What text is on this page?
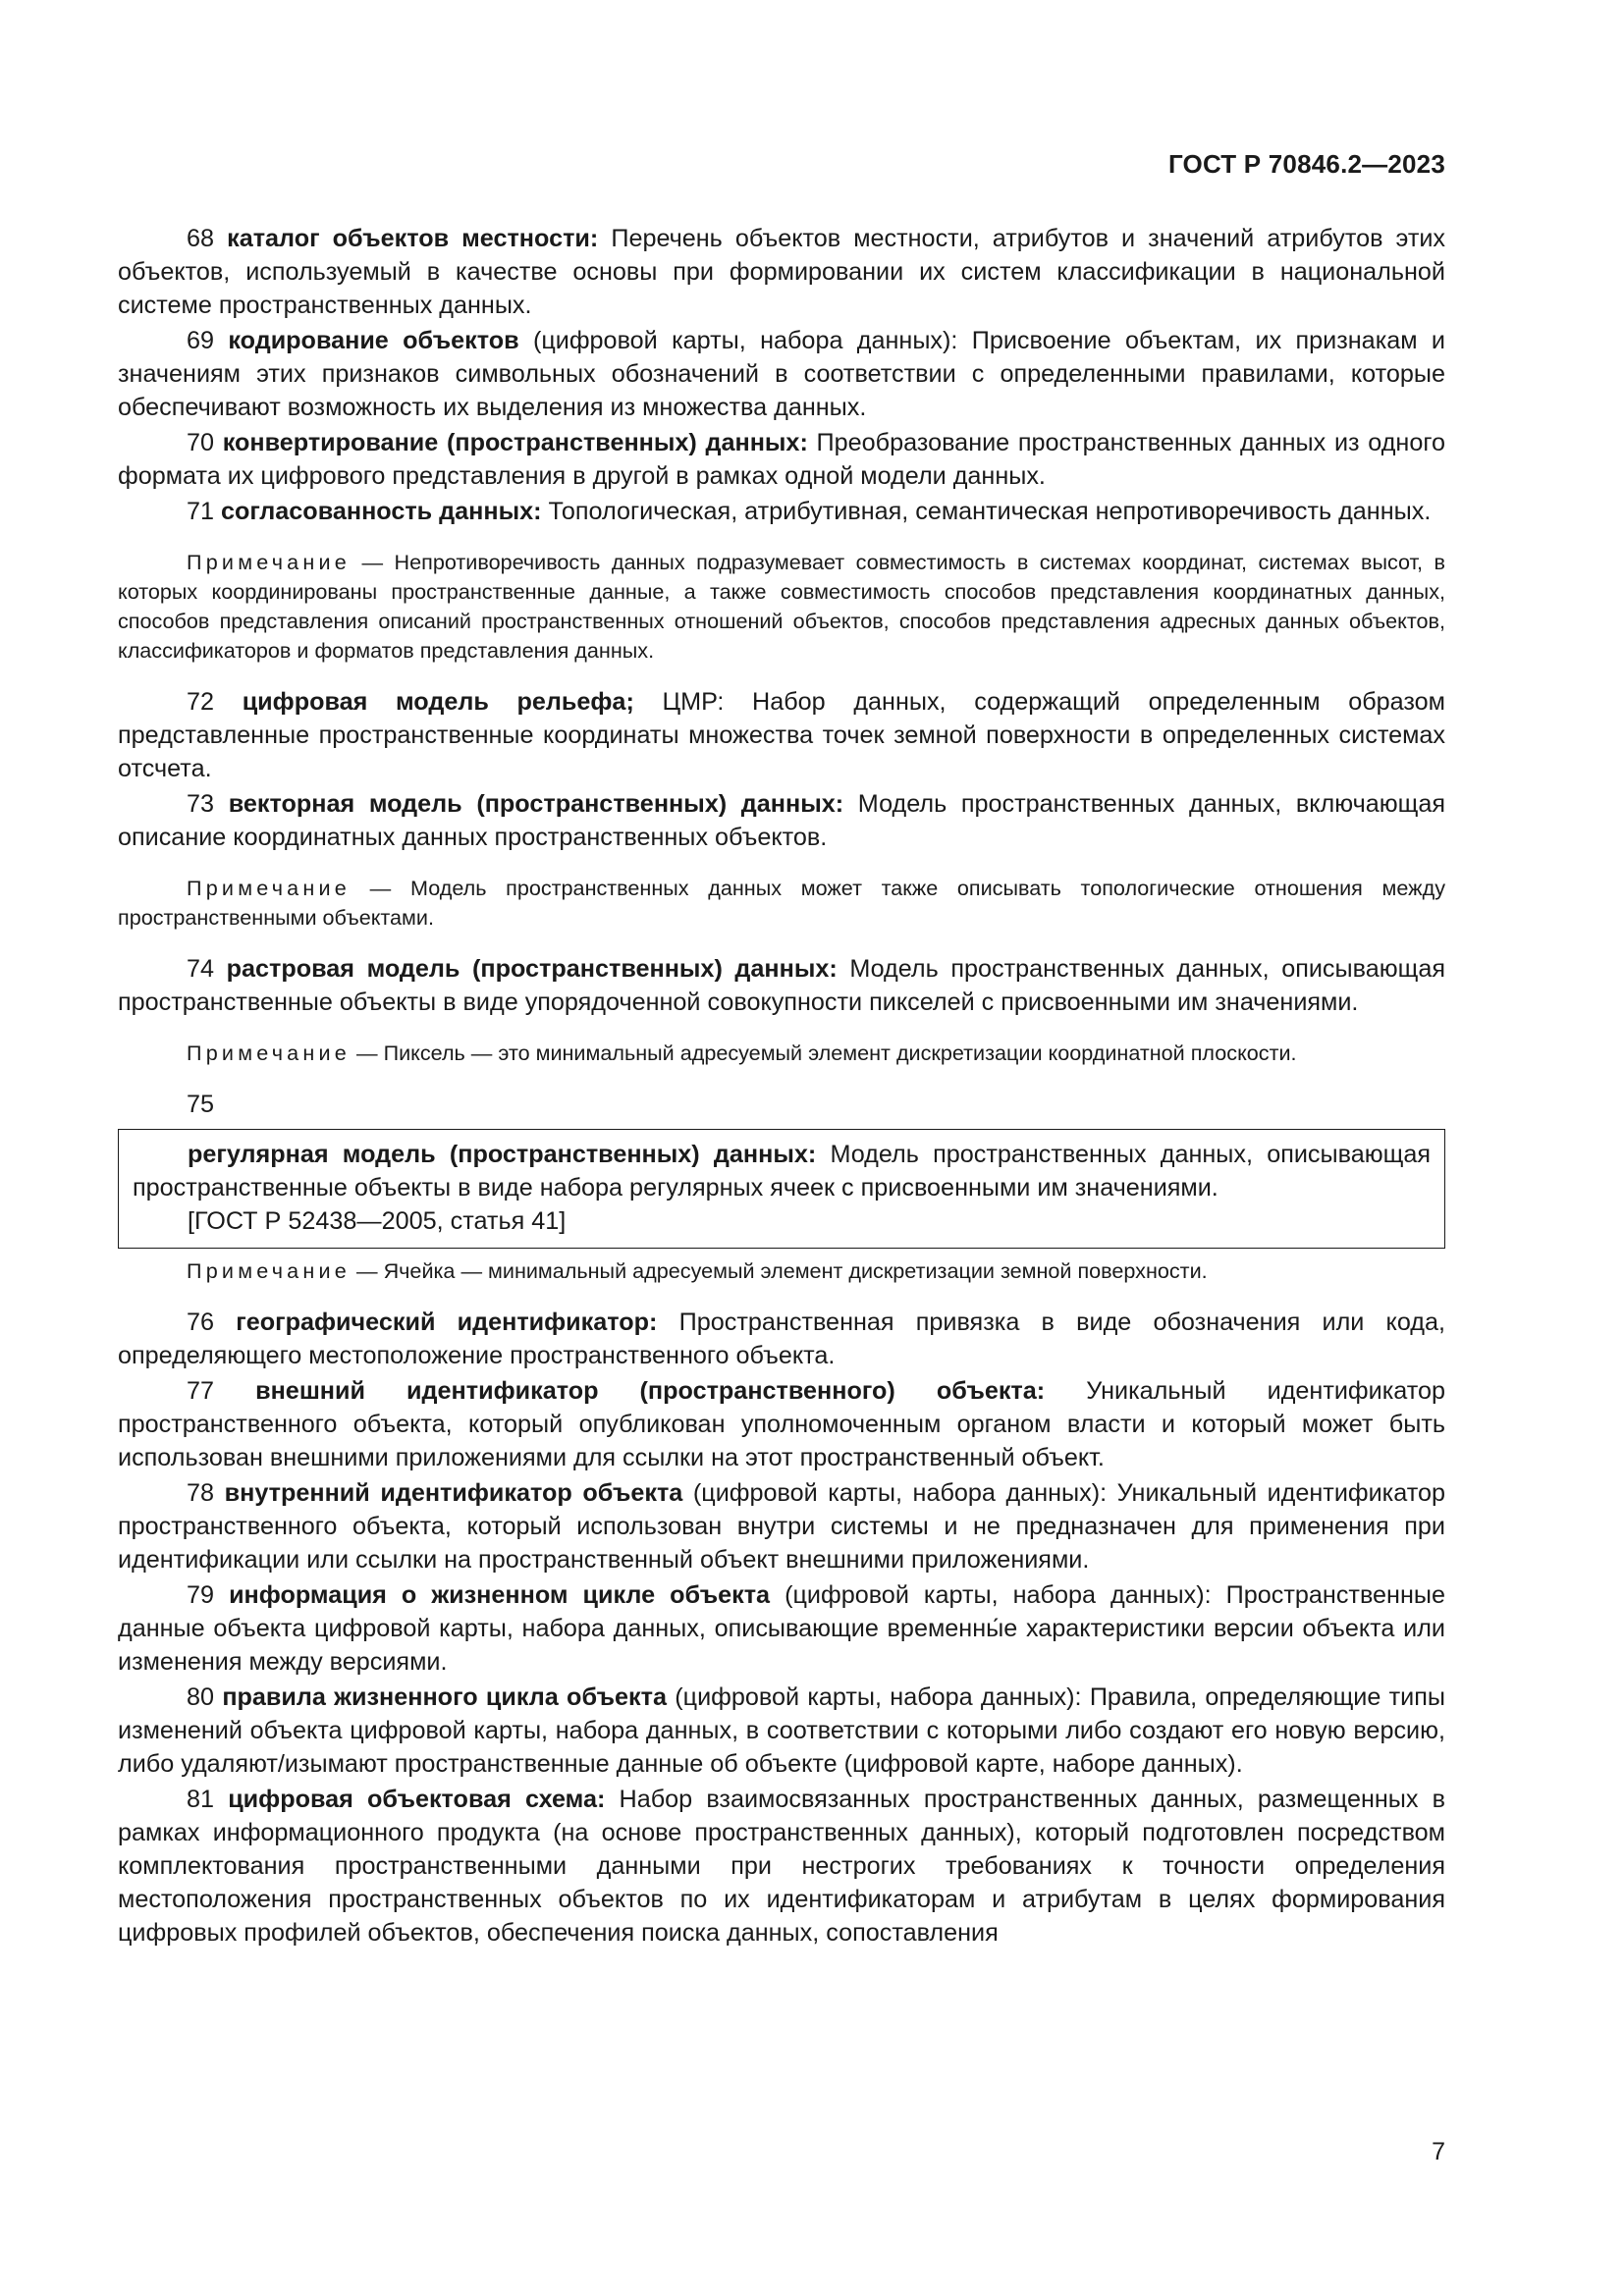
ГОСТ Р 70846.2—2023

68 каталог объектов местности: Перечень объектов местности, атрибутов и значений атрибутов этих объектов, используемый в качестве основы при формировании их систем классификации в национальной системе пространственных данных.

69 кодирование объектов (цифровой карты, набора данных): Присвоение объектам, их признакам и значениям этих признаков символьных обозначений в соответствии с определенными правилами, которые обеспечивают возможность их выделения из множества данных.

70 конвертирование (пространственных) данных: Преобразование пространственных данных из одного формата их цифрового представления в другой в рамках одной модели данных.

71 согласованность данных: Топологическая, атрибутивная, семантическая непротиворечивость данных.

Примечание — Непротиворечивость данных подразумевает совместимость в системах координат, системах высот, в которых координированы пространственные данные, а также совместимость способов представления координатных данных, способов представления описаний пространственных отношений объектов, способов представления адресных данных объектов, классификаторов и форматов представления данных.

72 цифровая модель рельефа; ЦМР: Набор данных, содержащий определенным образом представленные пространственные координаты множества точек земной поверхности в определенных системах отсчета.

73 векторная модель (пространственных) данных: Модель пространственных данных, включающая описание координатных данных пространственных объектов.

Примечание — Модель пространственных данных может также описывать топологические отношения между пространственными объектами.

74 растровая модель (пространственных) данных: Модель пространственных данных, описывающая пространственные объекты в виде упорядоченной совокупности пикселей с присвоенными им значениями.

Примечание — Пиксель — это минимальный адресуемый элемент дискретизации координатной плоскости.

75

регулярная модель (пространственных) данных: Модель пространственных данных, описывающая пространственные объекты в виде набора регулярных ячеек с присвоенными им значениями.

[ГОСТ Р 52438—2005, статья 41]

Примечание — Ячейка — минимальный адресуемый элемент дискретизации земной поверхности.

76 географический идентификатор: Пространственная привязка в виде обозначения или кода, определяющего местоположение пространственного объекта.

77 внешний идентификатор (пространственного) объекта: Уникальный идентификатор пространственного объекта, который опубликован уполномоченным органом власти и который может быть использован внешними приложениями для ссылки на этот пространственный объект.

78 внутренний идентификатор объекта (цифровой карты, набора данных): Уникальный идентификатор пространственного объекта, который использован внутри системы и не предназначен для применения при идентификации или ссылки на пространственный объект внешними приложениями.

79 информация о жизненном цикле объекта (цифровой карты, набора данных): Пространственные данные объекта цифровой карты, набора данных, описывающие временны́е характеристики версии объекта или изменения между версиями.

80 правила жизненного цикла объекта (цифровой карты, набора данных): Правила, определяющие типы изменений объекта цифровой карты, набора данных, в соответствии с которыми либо создают его новую версию, либо удаляют/изымают пространственные данные об объекте (цифровой карте, наборе данных).

81 цифровая объектовая схема: Набор взаимосвязанных пространственных данных, размещенных в рамках информационного продукта (на основе пространственных данных), который подготовлен посредством комплектования пространственными данными при нестрогих требованиях к точности определения местоположения пространственных объектов по их идентификаторам и атрибутам в целях формирования цифровых профилей объектов, обеспечения поиска данных, сопоставления

7
